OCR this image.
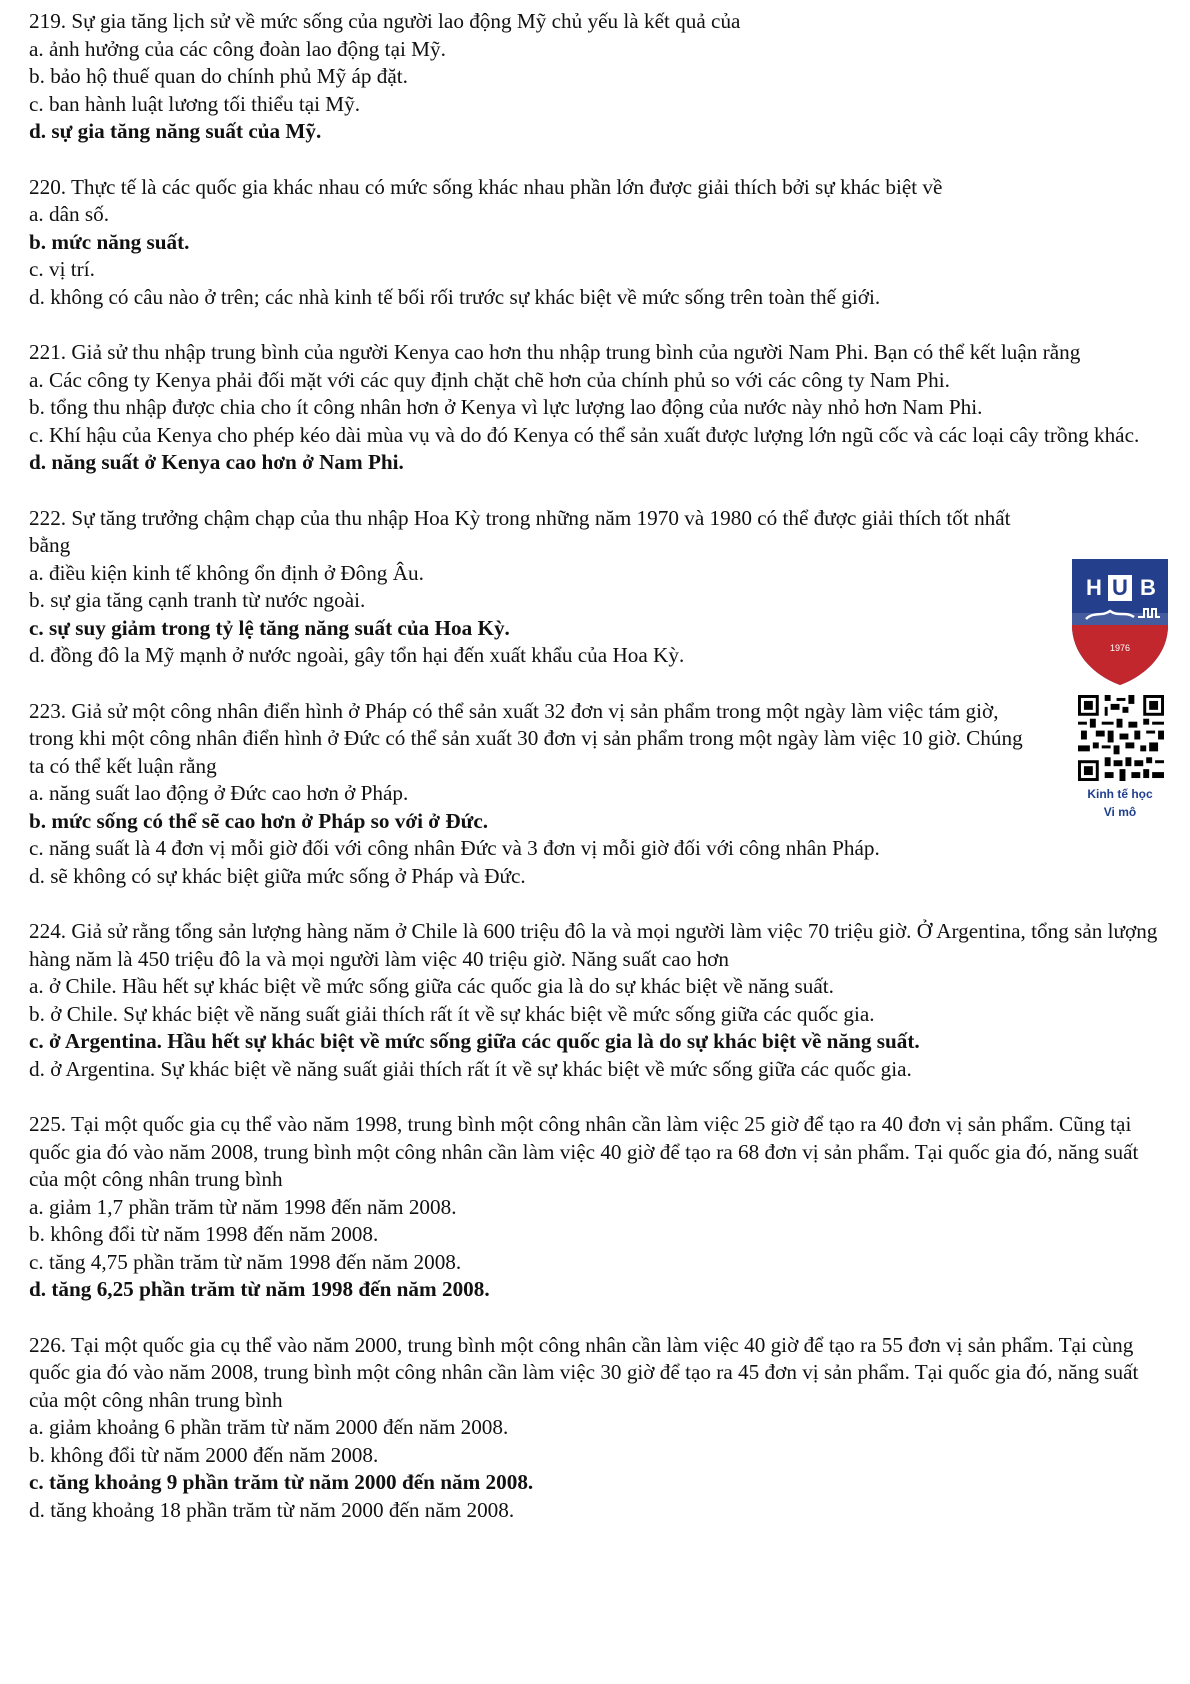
219. Sự gia tăng lịch sử về mức sống của người lao động Mỹ chủ yếu là kết quả của
a. ảnh hưởng của các công đoàn lao động tại Mỹ.
b. bảo hộ thuế quan do chính phủ Mỹ áp đặt.
c. ban hành luật lương tối thiểu tại Mỹ.
d. sự gia tăng năng suất của Mỹ.
220. Thực tế là các quốc gia khác nhau có mức sống khác nhau phần lớn được giải thích bởi sự khác biệt về
a. dân số.
b. mức năng suất.
c. vị trí.
d. không có câu nào ở trên; các nhà kinh tế bối rối trước sự khác biệt về mức sống trên toàn thế giới.
221. Giả sử thu nhập trung bình của người Kenya cao hơn thu nhập trung bình của người Nam Phi. Bạn có thể kết luận rằng
a. Các công ty Kenya phải đối mặt với các quy định chặt chẽ hơn của chính phủ so với các công ty Nam Phi.
b. tổng thu nhập được chia cho ít công nhân hơn ở Kenya vì lực lượng lao động của nước này nhỏ hơn Nam Phi.
c. Khí hậu của Kenya cho phép kéo dài mùa vụ và do đó Kenya có thể sản xuất được lượng lớn ngũ cốc và các loại cây trồng khác.
d. năng suất ở Kenya cao hơn ở Nam Phi.
222. Sự tăng trưởng chậm chạp của thu nhập Hoa Kỳ trong những năm 1970 và 1980 có thể được giải thích tốt nhất bằng
a. điều kiện kinh tế không ổn định ở Đông Âu.
b. sự gia tăng cạnh tranh từ nước ngoài.
c. sự suy giảm trong tỷ lệ tăng năng suất của Hoa Kỳ.
d. đồng đô la Mỹ mạnh ở nước ngoài, gây tổn hại đến xuất khẩu của Hoa Kỳ.
223. Giả sử một công nhân điển hình ở Pháp có thể sản xuất 32 đơn vị sản phẩm trong một ngày làm việc tám giờ, trong khi một công nhân điển hình ở Đức có thể sản xuất 30 đơn vị sản phẩm trong một ngày làm việc 10 giờ. Chúng ta có thể kết luận rằng
a. năng suất lao động ở Đức cao hơn ở Pháp.
b. mức sống có thể sẽ cao hơn ở Pháp so với ở Đức.
c. năng suất là 4 đơn vị mỗi giờ đối với công nhân Đức và 3 đơn vị mỗi giờ đối với công nhân Pháp.
d. sẽ không có sự khác biệt giữa mức sống ở Pháp và Đức.
224. Giả sử rằng tổng sản lượng hàng năm ở Chile là 600 triệu đô la và mọi người làm việc 70 triệu giờ. Ở Argentina, tổng sản lượng hàng năm là 450 triệu đô la và mọi người làm việc 40 triệu giờ. Năng suất cao hơn
a. ở Chile. Hầu hết sự khác biệt về mức sống giữa các quốc gia là do sự khác biệt về năng suất.
b. ở Chile. Sự khác biệt về năng suất giải thích rất ít về sự khác biệt về mức sống giữa các quốc gia.
c. ở Argentina. Hầu hết sự khác biệt về mức sống giữa các quốc gia là do sự khác biệt về năng suất.
d. ở Argentina. Sự khác biệt về năng suất giải thích rất ít về sự khác biệt về mức sống giữa các quốc gia.
225. Tại một quốc gia cụ thể vào năm 1998, trung bình một công nhân cần làm việc 25 giờ để tạo ra 40 đơn vị sản phẩm. Cũng tại quốc gia đó vào năm 2008, trung bình một công nhân cần làm việc 40 giờ để tạo ra 68 đơn vị sản phẩm. Tại quốc gia đó, năng suất của một công nhân trung bình
a. giảm 1,7 phần trăm từ năm 1998 đến năm 2008.
b. không đổi từ năm 1998 đến năm 2008.
c. tăng 4,75 phần trăm từ năm 1998 đến năm 2008.
d. tăng 6,25 phần trăm từ năm 1998 đến năm 2008.
226. Tại một quốc gia cụ thể vào năm 2000, trung bình một công nhân cần làm việc 40 giờ để tạo ra 55 đơn vị sản phẩm. Tại cùng quốc gia đó vào năm 2008, trung bình một công nhân cần làm việc 30 giờ để tạo ra 45 đơn vị sản phẩm. Tại quốc gia đó, năng suất của một công nhân trung bình
a. giảm khoảng 6 phần trăm từ năm 2000 đến năm 2008.
b. không đổi từ năm 2000 đến năm 2008.
c. tăng khoảng 9 phần trăm từ năm 2000 đến năm 2008.
d. tăng khoảng 18 phần trăm từ năm 2000 đến năm 2008.
H U B
1976
Kinh tế học
Vi mô
